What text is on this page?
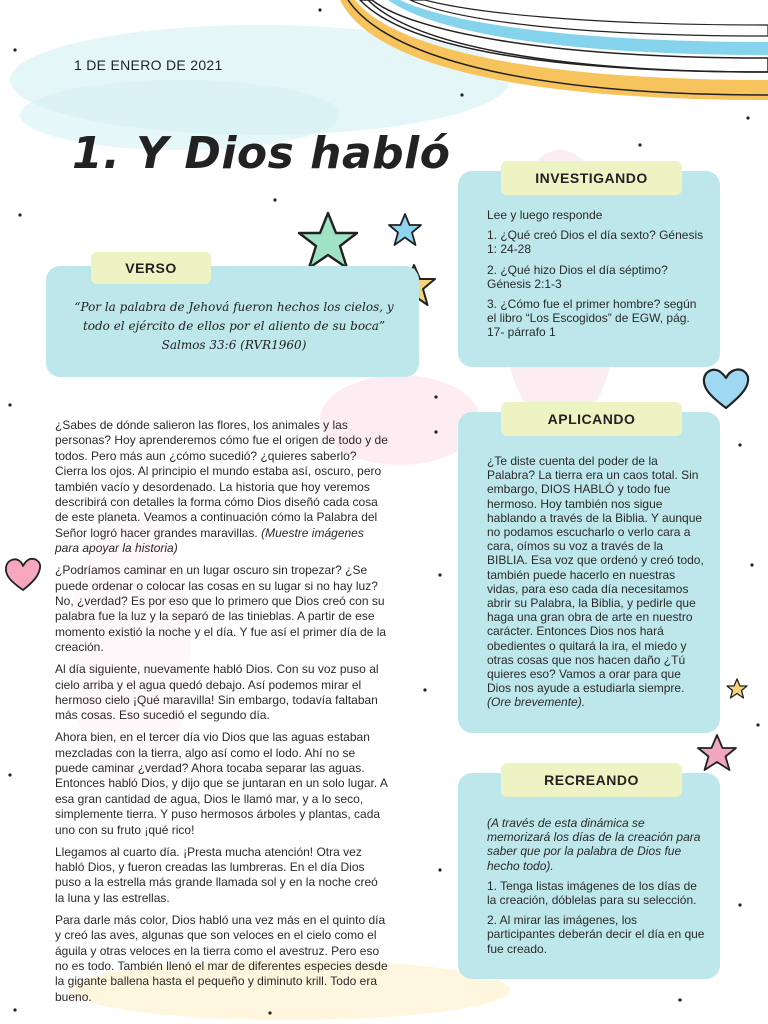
1 DE ENERO DE 2021
1. Y Dios habló
VERSO
“Por la palabra de Jehová fueron hechos los cielos, y todo el ejército de ellos por el aliento de su boca” Salmos 33:6 (RVR1960)

¿Sabes de dónde salieron las flores, los animales y las personas? Hoy aprenderemos cómo fue el origen de todo y de todos. Pero más aun ¿cómo sucedió? ¿quieres saberlo? Cierra los ojos. Al principio el mundo estaba así, oscuro, pero también vacío y desordenado. La historia que hoy veremos describirá con detalles la forma cómo Dios diseñó cada cosa de este planeta. Veamos a continuación cómo la Palabra del Señor logró hacer grandes maravillas. (Muestre imágenes para apoyar la historia)

¿Podríamos caminar en un lugar oscuro sin tropezar? ¿Se puede ordenar o colocar las cosas en su lugar si no hay luz? No, ¿verdad? Es por eso que lo primero que Dios creó con su palabra fue la luz y la separó de las tinieblas. A partir de ese momento existió la noche y el día. Y fue así el primer día de la creación.

Al día siguiente, nuevamente habló Dios. Con su voz puso al cielo arriba y el agua quedó debajo. Así podemos mirar el hermoso cielo ¡Qué maravilla! Sin embargo, todavía faltaban más cosas. Eso sucedió el segundo día.

Ahora bien, en el tercer día vio Dios que las aguas estaban mezcladas con la tierra, algo así como el lodo. Ahí no se puede caminar ¿verdad? Ahora tocaba separar las aguas. Entonces habló Dios, y dijo que se juntaran en un solo lugar. A esa gran cantidad de agua, Dios le llamó mar, y a lo seco, simplemente tierra. Y puso hermosos árboles y plantas, cada uno con su fruto ¡qué rico!

Llegamos al cuarto día. ¡Presta mucha atención! Otra vez habló Dios, y fueron creadas las lumbreras. En el día Dios puso a la estrella más grande llamada sol y en la noche creó la luna y las estrellas.

Para darle más color, Dios habló una vez más en el quinto día y creó las aves, algunas que son veloces en el cielo como el águila y otras veloces en la tierra como el avestruz. Pero eso no es todo. También llenó el mar de diferentes especies desde la gigante ballena hasta el pequeño y diminuto krill. Todo era bueno.

INVESTIGANDO

Lee y luego responde

1. ¿Qué creó Dios el día sexto? Génesis 1: 24-28

2. ¿Qué hizo Dios el día séptimo? Génesis 2:1-3

3. ¿Cómo fue el primer hombre? según el libro “Los Escogidos” de EGW, pág. 17- párrafo 1

APLICANDO

¿Te diste cuenta del poder de la Palabra? La tierra era un caos total. Sin embargo, DIOS HABLÓ y todo fue hermoso. Hoy también nos sigue hablando a través de la Biblia. Y aunque no podamos escucharlo o verlo cara a cara, oímos su voz a través de la BIBLIA. Esa voz que ordenó y creó todo, también puede hacerlo en nuestras vidas, para eso cada día necesitamos abrir su Palabra, la Biblia, y pedirle que haga una gran obra de arte en nuestro carácter. Entonces Dios nos hará obedientes o quitará la ira, el miedo y otras cosas que nos hacen daño ¿Tú quieres eso? Vamos a orar para que Dios nos ayude a estudiarla siempre. (Ore brevemente).

RECREANDO

(A través de esta dinámica se memorizará los días de la creación para saber que por la palabra de Dios fue hecho todo).

1. Tenga listas imágenes de los días de la creación, dóblelas para su selección.

2. Al mirar las imágenes, los participantes deberán decir el día en que fue creado.
